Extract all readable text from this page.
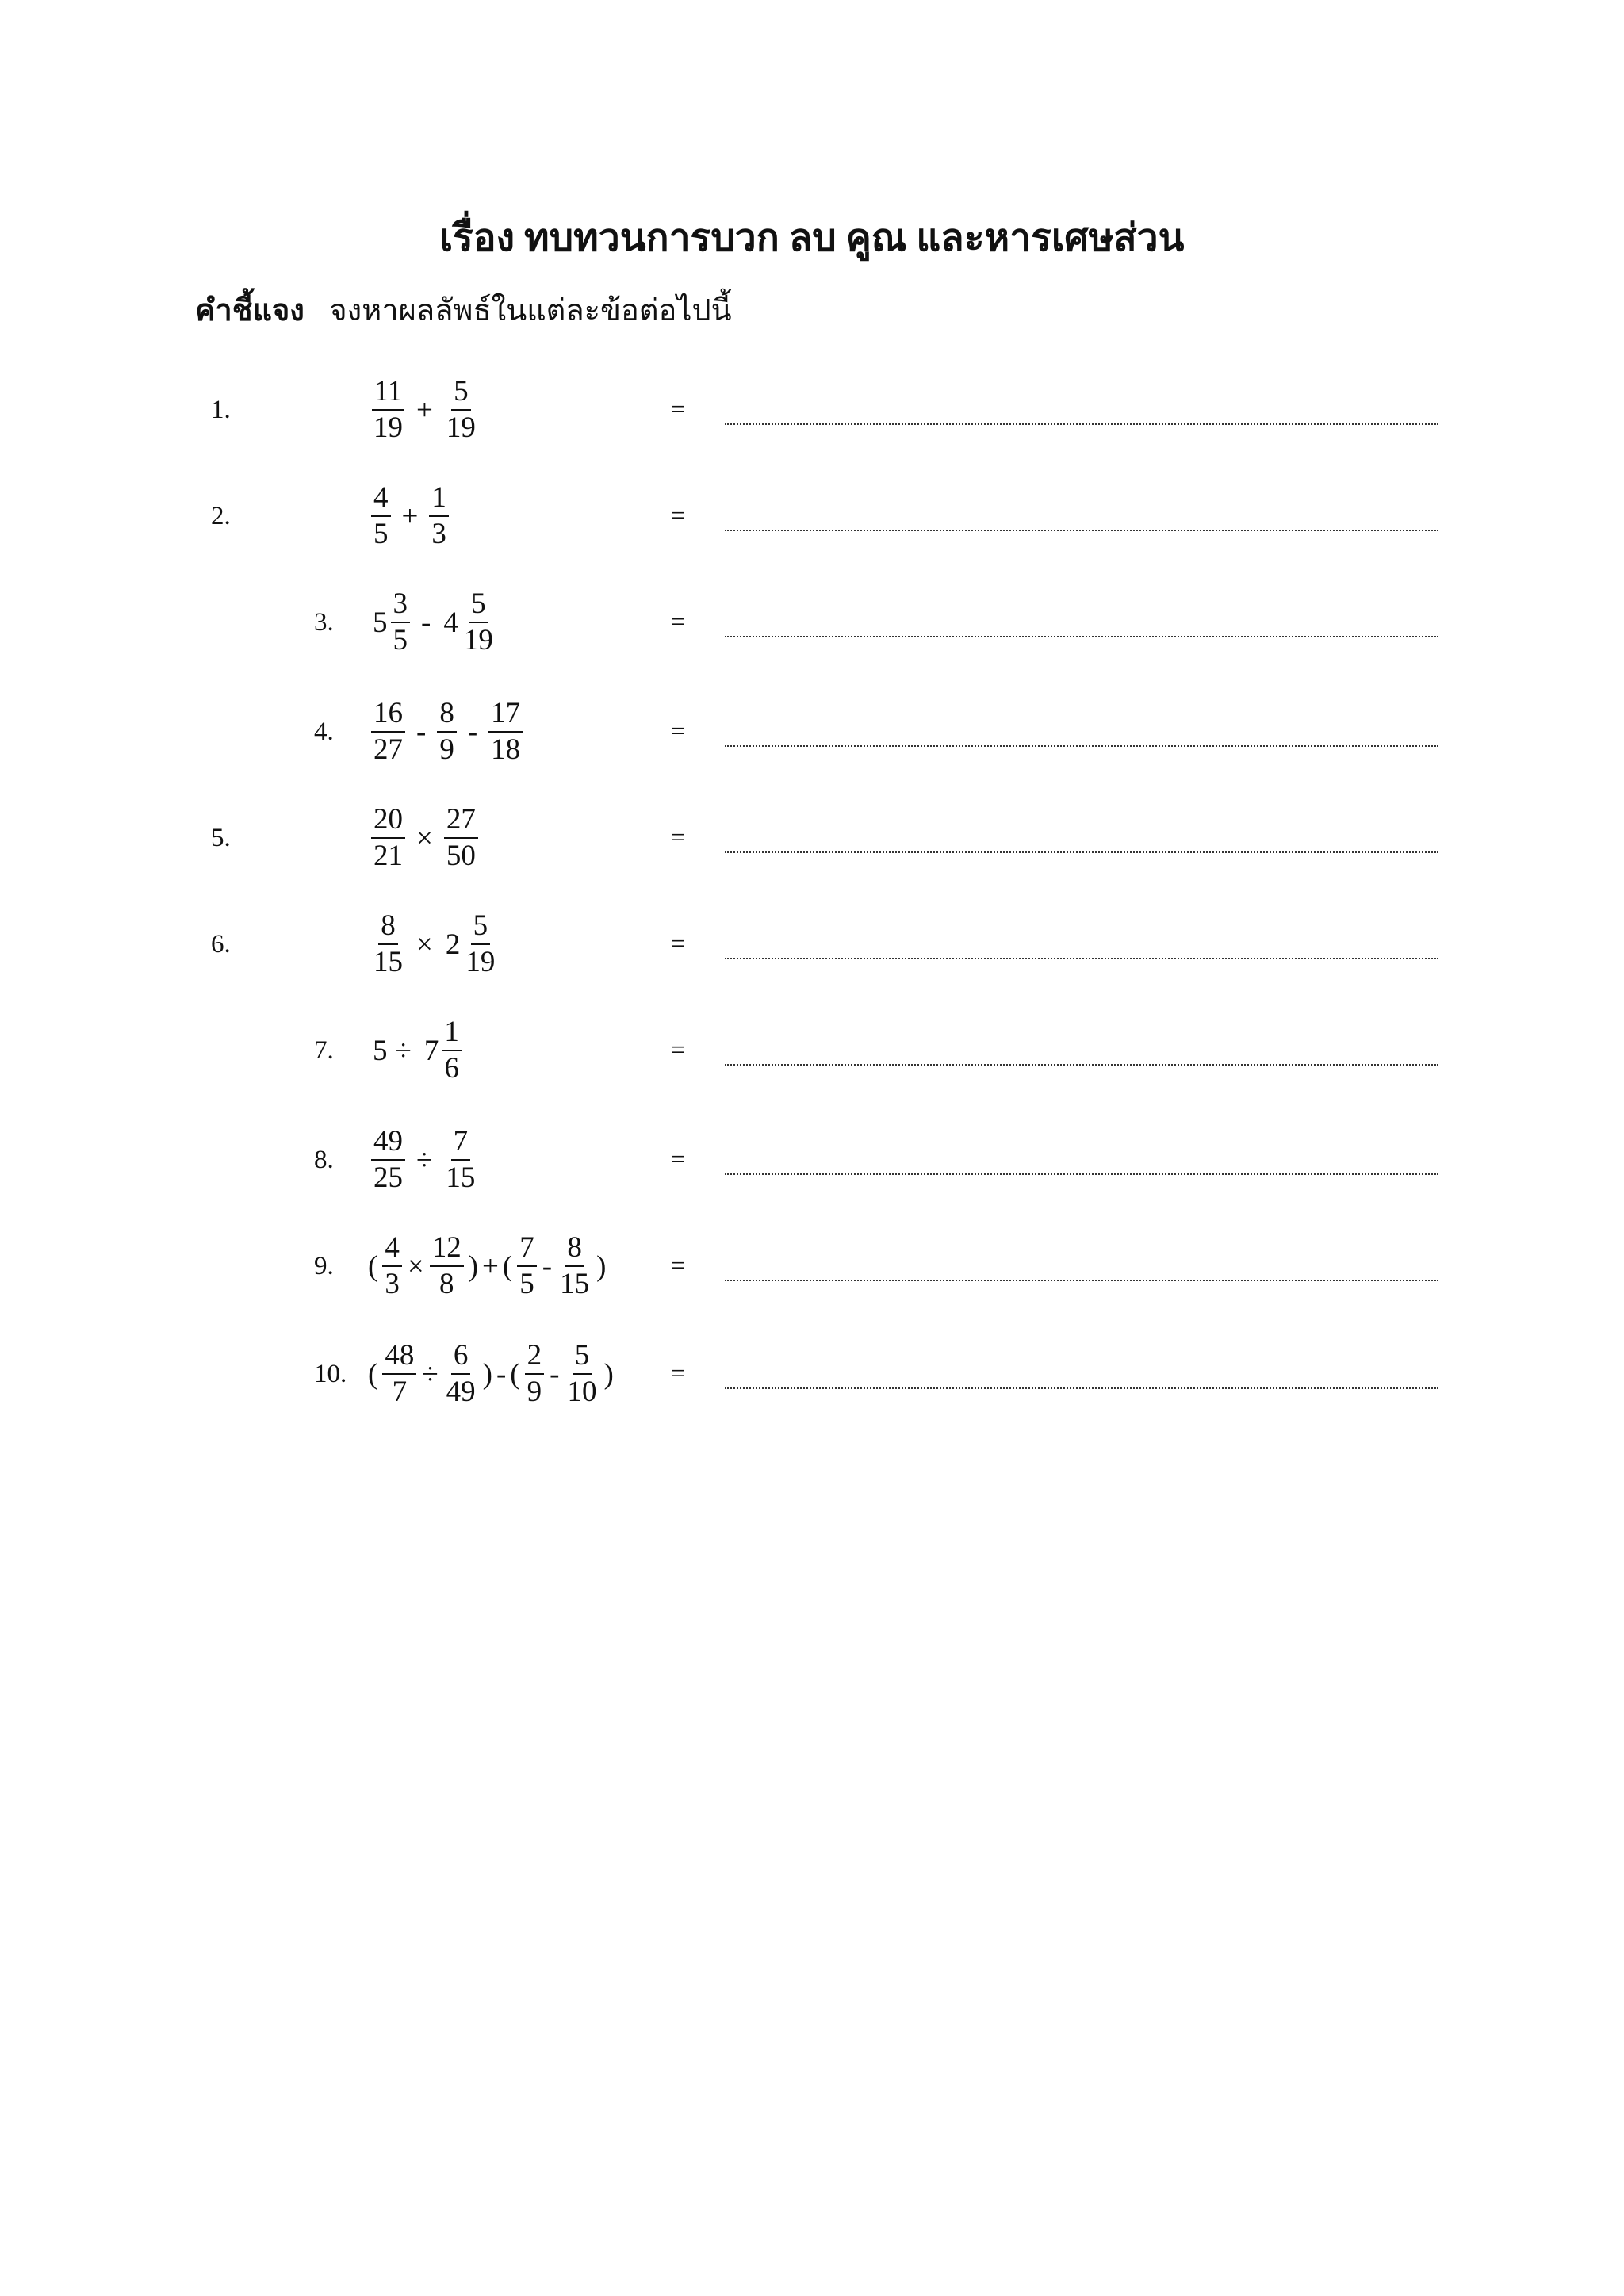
เรื่อง ทบทวนการบวก ลบ คูณ และหารเศษส่วน
คำชี้แจง จงหาผลลัพธ์ในแต่ละข้อต่อไปนี้
1.	$\frac{11}{19} + \frac{5}{19}$	=
2.	$\frac{4}{5} + \frac{1}{3}$	=
3. $5 \frac{3}{5} - 4 \frac{5}{19}$	=
4. $\frac{16}{27} - \frac{8}{9} - \frac{17}{18}$	=
5.	$\frac{20}{21} \times \frac{27}{50}$	=
6.	$\frac{8}{15} \times 2 \frac{5}{19}$	=
7. $5 \div 7 \frac{1}{6}$	=
8. $\frac{49}{25} \div \frac{7}{15}$	=
9. ( $\frac{4}{3} \times \frac{12}{8}$ ) + ( $\frac{7}{5} - \frac{8}{15}$ ) =
10. ( $\frac{48}{7} \div \frac{6}{49}$ ) - ( $\frac{2}{9} - \frac{5}{10}$ ) =
